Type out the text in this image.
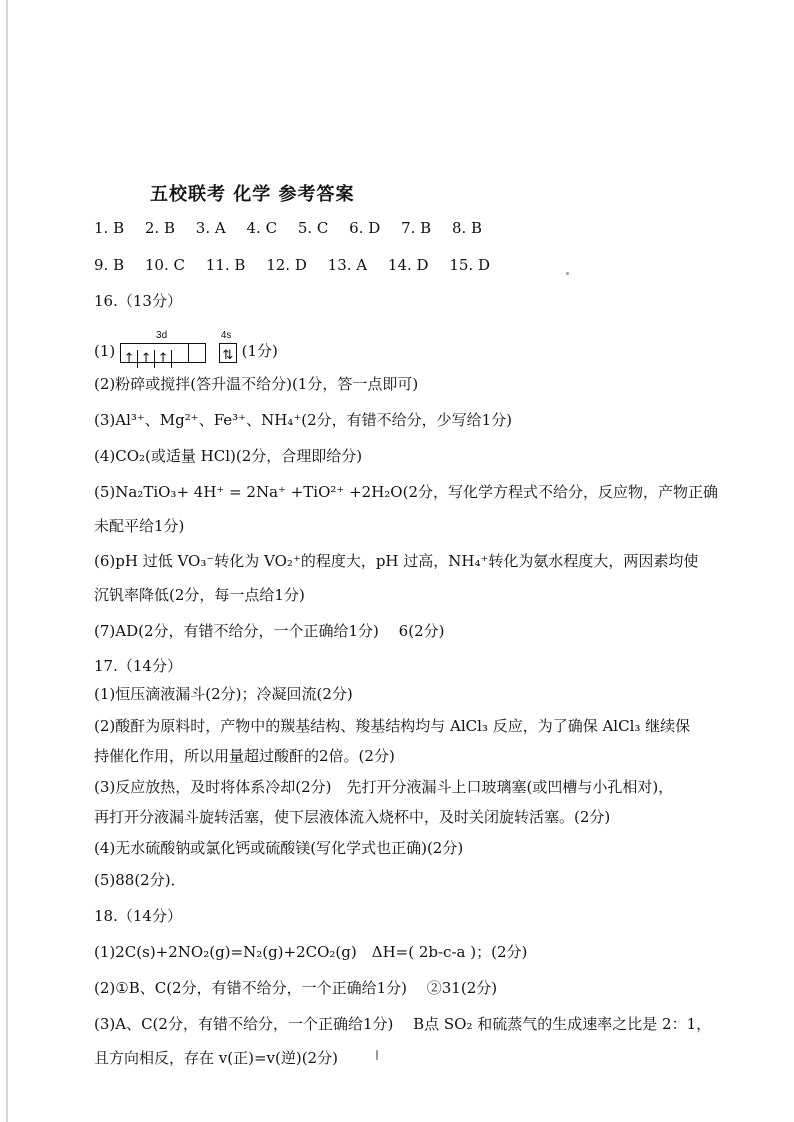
五校联考 化学 参考答案
1. B 2. B 3. A 4. C 5. C 6. D 7. B 8. B
9. B 10. C 11. B 12. D 13. A 14. D 15. D
16.（13分）
(1)
3d
↑ ↑ ↑
4s
⇅ (1分)
(2)粉碎或搅拌(答升温不给分)(1分，答一点即可)
(3)Al³⁺、Mg²⁺、Fe³⁺、NH₄⁺(2分，有错不给分，少写给1分)
(4)CO₂(或适量 HCl)(2分，合理即给分)
(5)Na₂TiO₃+ 4H⁺ = 2Na⁺ +TiO²⁺ +2H₂O(2分，写化学方程式不给分，反应物，产物正确
未配平给1分)
(6)pH 过低 VO₃⁻转化为 VO₂⁺的程度大，pH 过高，NH₄⁺转化为氨水程度大，两因素均使
沉钒率降低(2分，每一点给1分)
(7)AD(2分，有错不给分，一个正确给1分)　 6(2分)
17.（14分）
(1)恒压滴液漏斗(2分)；冷凝回流(2分)
(2)酸酐为原料时，产物中的羰基结构、羧基结构均与 AlCl₃ 反应，为了确保 AlCl₃ 继续保
持催化作用，所以用量超过酸酐的2倍。(2分)
(3)反应放热，及时将体系冷却(2分)　先打开分液漏斗上口玻璃塞(或凹槽与小孔相对)，
再打开分液漏斗旋转活塞，使下层液体流入烧杯中，及时关闭旋转活塞。(2分)
(4)无水硫酸钠或氯化钙或硫酸镁(写化学式也正确)(2分)
(5)88(2分)．
18.（14分）
(1)2C(s)+2NO₂(g)=N₂(g)+2CO₂(g)　ΔH=( 2b-c-a )；(2分)
(2)①B、C(2分，有错不给分，一个正确给1分)　 ②31(2分)
(3)A、C(2分，有错不给分，一个正确给1分)　 B点 SO₂ 和硫蒸气的生成速率之比是 2：1，
且方向相反，存在 v(正)=v(逆)(2分)
